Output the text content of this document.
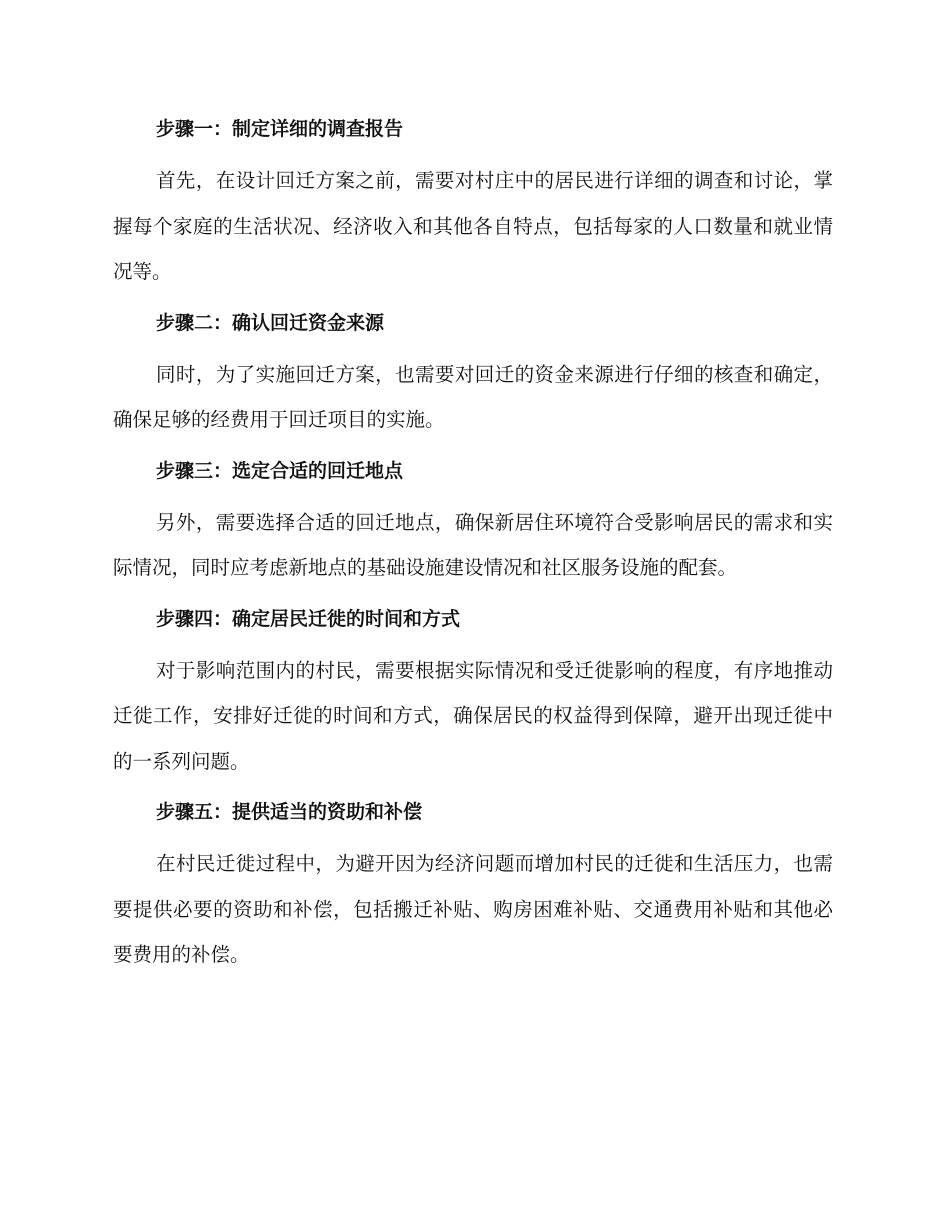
步骤一：制定详细的调查报告
首先，在设计回迁方案之前，需要对村庄中的居民进行详细的调查和讨论，掌握每个家庭的生活状况、经济收入和其他各自特点，包括每家的人口数量和就业情况等。
步骤二：确认回迁资金来源
同时，为了实施回迁方案，也需要对回迁的资金来源进行仔细的核查和确定，确保足够的经费用于回迁项目的实施。
步骤三：选定合适的回迁地点
另外，需要选择合适的回迁地点，确保新居住环境符合受影响居民的需求和实际情况，同时应考虑新地点的基础设施建设情况和社区服务设施的配套。
步骤四：确定居民迁徙的时间和方式
对于影响范围内的村民，需要根据实际情况和受迁徙影响的程度，有序地推动迁徙工作，安排好迁徙的时间和方式，确保居民的权益得到保障，避开出现迁徙中的一系列问题。
步骤五：提供适当的资助和补偿
在村民迁徙过程中，为避开因为经济问题而增加村民的迁徙和生活压力，也需要提供必要的资助和补偿，包括搬迁补贴、购房困难补贴、交通费用补贴和其他必要费用的补偿。
